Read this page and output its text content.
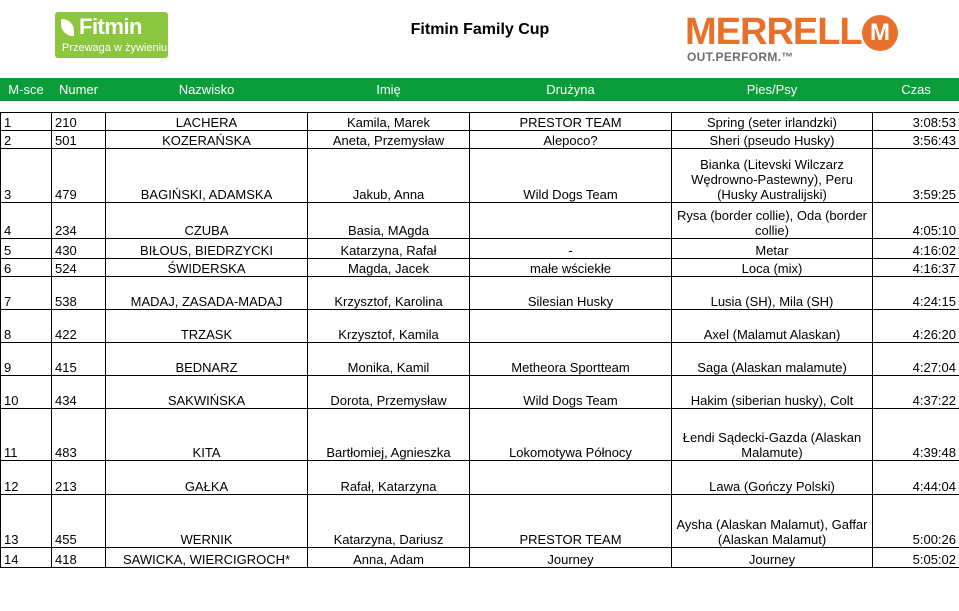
Fitmin
Przewaga w żywieniu
Fitmin Family Cup	MERRELL M
OUT.PERFORM.™
M-sce	Numer	Nazwisko	Imię	Drużyna	Pies/Psy	Czas

1	210	LACHERA	Kamila, Marek	PRESTOR TEAM	Spring (seter irlandzki)	3:08:53
2	501	KOZERAŃSKA	Aneta, Przemysław	Alepoco?	Sheri (pseudo Husky)	3:56:43
3	479	BAGIŃSKI, ADAMSKA	Jakub, Anna	Wild Dogs Team	Bianka (Litevski Wilczarz Wędrowno-Pastewny), Peru (Husky Australijski)	3:59:25
4	234	CZUBA	Basia, MAgda		Rysa (border collie), Oda (border collie)	4:05:10
5	430	BIŁOUS, BIEDRZYCKI	Katarzyna, Rafał	-	Metar	4:16:02
6	524	ŚWIDERSKA	Magda, Jacek	małe wściekłe	Loca (mix)	4:16:37
7	538	MADAJ, ZASADA-MADAJ	Krzysztof, Karolina	Silesian Husky	Lusia (SH), Mila (SH)	4:24:15
8	422	TRZASK	Krzysztof, Kamila		Axel (Malamut Alaskan)	4:26:20
9	415	BEDNARZ	Monika, Kamil	Metheora Sportteam	Saga (Alaskan malamute)	4:27:04
10	434	SAKWIŃSKA	Dorota, Przemysław	Wild Dogs Team	Hakim (siberian husky), Colt	4:37:22
11	483	KITA	Bartłomiej, Agnieszka	Lokomotywa Północy	Łendi Sądecki-Gazda (Alaskan Malamute)	4:39:48
12	213	GAŁKA	Rafał, Katarzyna		Lawa (Gończy Polski)	4:44:04
13	455	WERNIK	Katarzyna, Dariusz	PRESTOR TEAM	Aysha (Alaskan Malamut), Gaffar (Alaskan Malamut)	5:00:26
14	418	SAWICKA, WIERCIGROCH*	Anna, Adam	Journey	Journey	5:05:02
